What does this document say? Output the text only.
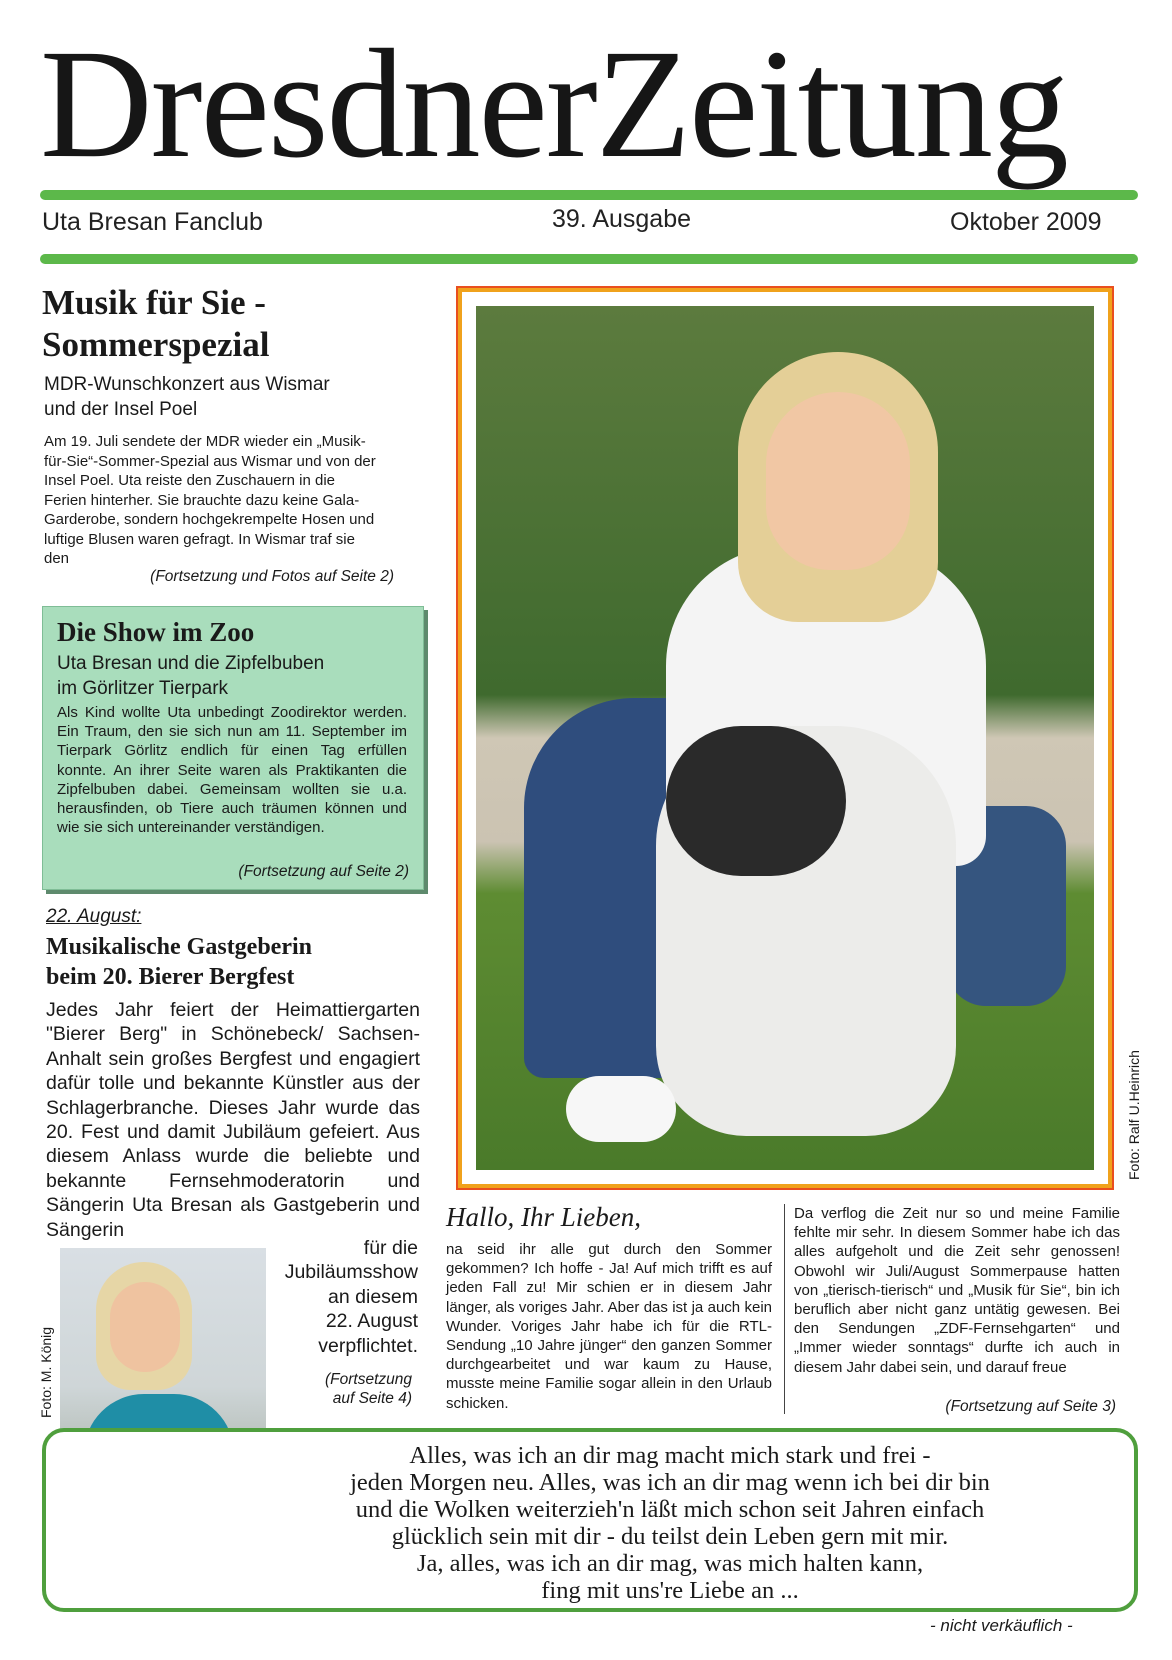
DresdnerZeitung
Uta Bresan Fanclub	39. Ausgabe	Oktober 2009
Musik für Sie -
Sommerspezial
MDR-Wunschkonzert aus Wismar
und der Insel Poel
Am 19. Juli sendete der MDR wieder ein „Musik-für-Sie“-Sommer-Spezial aus Wismar und von der Insel Poel. Uta reiste den Zuschauern in die Ferien hinterher. Sie brauchte dazu keine Gala-Garderobe, sondern hochgekrempelte Hosen und luftige Blusen waren gefragt. In Wismar traf sie den
(Fortsetzung und Fotos auf Seite 2)
Die Show im Zoo
Uta Bresan und die Zipfelbuben
im Görlitzer Tierpark
Als Kind wollte Uta unbedingt Zoodirektor werden. Ein Traum, den sie sich nun am 11. September im Tierpark Görlitz endlich für einen Tag erfüllen konnte. An ihrer Seite waren als Praktikanten die Zipfelbuben dabei. Gemeinsam wollten sie u.a. herausfinden, ob Tiere auch träumen können und wie sie sich untereinander verständigen.
(Fortsetzung auf Seite 2)
22. August:
Musikalische Gastgeberin
beim 20. Bierer Bergfest
Jedes Jahr feiert der Heimattiergarten "Bierer Berg" in Schönebeck/ Sachsen-Anhalt sein großes Bergfest und engagiert dafür tolle und bekannte Künstler aus der Schlagerbranche. Dieses Jahr wurde das 20. Fest und damit Jubiläum gefeiert. Aus diesem Anlass wurde die beliebte und bekannte Fernsehmoderatorin und Sängerin Uta Bresan als Gastgeberin und Sängerin
für die
Jubiläumsshow
an diesem
22. August
verpflichtet.
(Fortsetzung
auf Seite 4)
Foto: M. König
Foto: Ralf U.Heinrich
Hallo, Ihr Lieben,
na seid ihr alle gut durch den Sommer gekommen? Ich hoffe - Ja! Auf mich trifft es auf jeden Fall zu! Mir schien er in diesem Jahr länger, als voriges Jahr. Aber das ist ja auch kein Wunder. Voriges Jahr habe ich für die RTL-Sendung „10 Jahre jünger“ den ganzen Sommer durchgearbeitet und war kaum zu Hause, musste meine Familie sogar allein in den Urlaub schicken.
Da verflog die Zeit nur so und meine Familie fehlte mir sehr. In diesem Sommer habe ich das alles aufgeholt und die Zeit sehr genossen! Obwohl wir Juli/August Sommerpause hatten von „tierisch-tierisch“ und „Musik für Sie“, bin ich beruflich aber nicht ganz untätig gewesen. Bei den Sendungen „ZDF-Fernsehgarten“ und „Immer wieder sonntags“ durfte ich auch in diesem Jahr dabei sein, und darauf freue
(Fortsetzung auf Seite 3)
Alles, was ich an dir mag macht mich stark und frei -
jeden Morgen neu. Alles, was ich an dir mag wenn ich bei dir bin
und die Wolken weiterzieh'n läßt mich schon seit Jahren einfach
glücklich sein mit dir - du teilst dein Leben gern mit mir.
Ja, alles, was ich an dir mag, was mich halten kann,
fing mit uns're Liebe an ...
- nicht verkäuflich -
